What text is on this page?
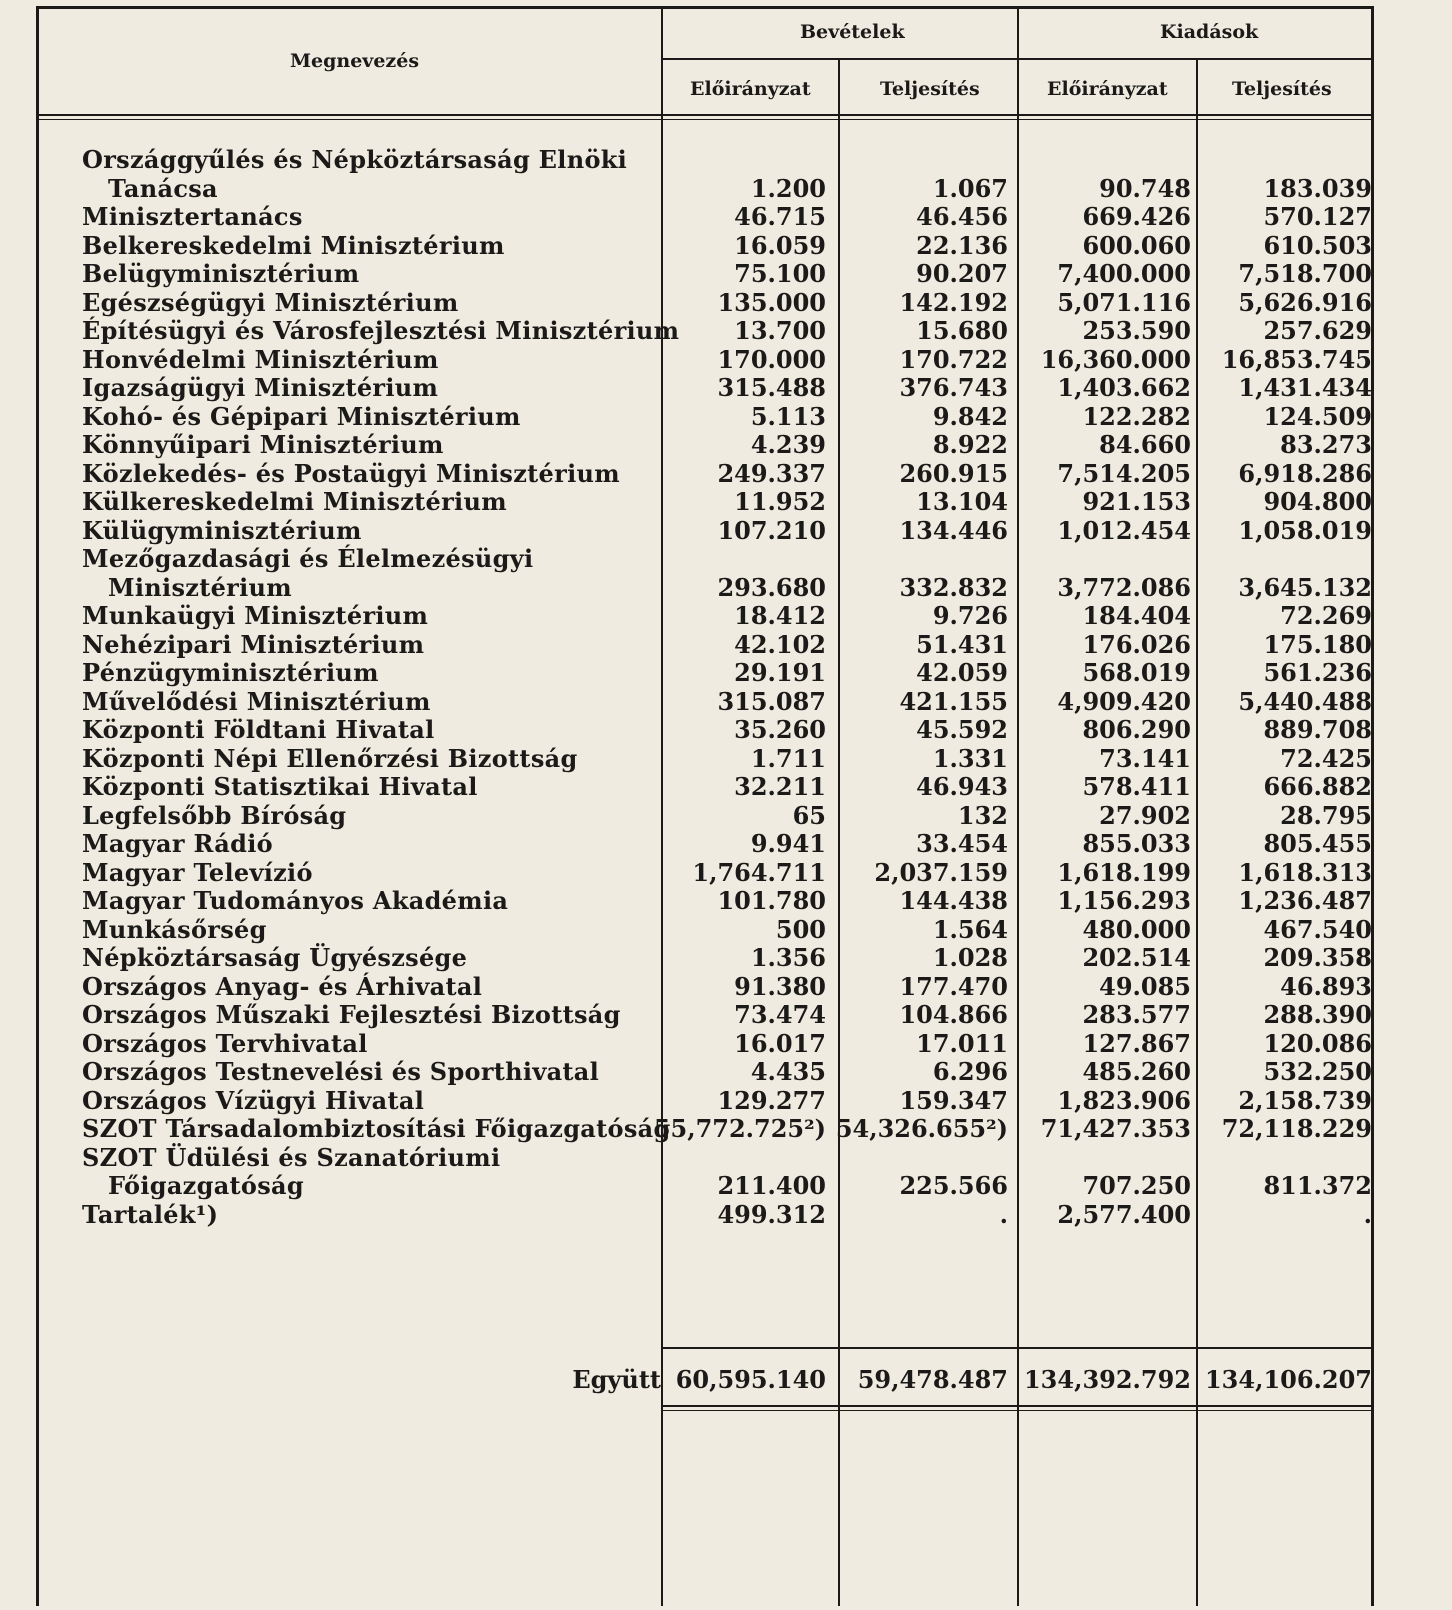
Megnevezés
Bevételek	Kiadások
Előirányzat	Teljesítés	Előirányzat	Teljesítés
Országgyűlés és Népköztársaság Elnöki
Tanácsa	1.200	1.067	90.748	183.039
Minisztertanács	46.715	46.456	669.426	570.127
Belkereskedelmi Minisztérium	16.059	22.136	600.060	610.503
Belügyminisztérium	75.100	90.207 7,400.000 7,518.700
Egészségügyi Minisztérium	135.000	142.192 5,071.116 5,626.916
Építésügyi és Városfejlesztési Minisztérium 13.700	15.680	253.590	257.629
Honvédelmi Minisztérium	170.000	170.722 16,360.000 16,853.745
Igazságügyi Minisztérium	315.488	376.743 1,403.662 1,431.434
Kohó- és Gépipari Minisztérium	5.113	9.842	122.282	124.509
Könnyűipari Minisztérium	4.239	8.922	84.660	83.273
Közlekedés- és Postaügyi Minisztérium	249.337	260.915 7,514.205 6,918.286
Külkereskedelmi Minisztérium	11.952	13.104	921.153	904.800
Külügyminisztérium	107.210	134.446 1,012.454 1,058.019
Mezőgazdasági és Élelmezésügyi
Minisztérium	293.680	332.832 3,772.086 3,645.132
Munkaügyi Minisztérium	18.412	9.726	184.404	72.269
Nehézipari Minisztérium	42.102	51.431	176.026	175.180
Pénzügyminisztérium	29.191	42.059	568.019	561.236
Művelődési Minisztérium	315.087	421.155 4,909.420 5,440.488
Központi Földtani Hivatal	35.260	45.592	806.290	889.708
Központi Népi Ellenőrzési Bizottság	1.711	1.331	73.141	72.425
Központi Statisztikai Hivatal	32.211	46.943	578.411	666.882
Legfelsőbb Bíróság	65	132	27.902	28.795
Magyar Rádió	9.941	33.454	855.033	805.455
Magyar Televízió	1,764.711 2,037.159 1,618.199 1,618.313
Magyar Tudományos Akadémia	101.780	144.438 1,156.293 1,236.487
Munkásőrség	500	1.564	480.000	467.540
Népköztársaság Ügyészsége	1.356	1.028	202.514	209.358
Országos Anyag- és Árhivatal	91.380	177.470	49.085	46.893
Országos Műszaki Fejlesztési Bizottság	73.474	104.866	283.577	288.390
Országos Tervhivatal	16.017	17.011	127.867	120.086
Országos Testnevelési és Sporthivatal	4.435	6.296	485.260	532.250
Országos Vízügyi Hivatal	129.277	159.347 1,823.906 2,158.739
SZOT Társadalombiztosítási Főigazgatóság
55,772.725²) 54,326.655²) 71,427.353 72,118.229
SZOT Üdülési és Szanatóriumi
Főigazgatóság	211.400	225.566	707.250	811.372
Tartalék¹)	499.312	. 2,577.400	.
Együtt 60,595.140 59,478.487 134,392.792 134,106.207
